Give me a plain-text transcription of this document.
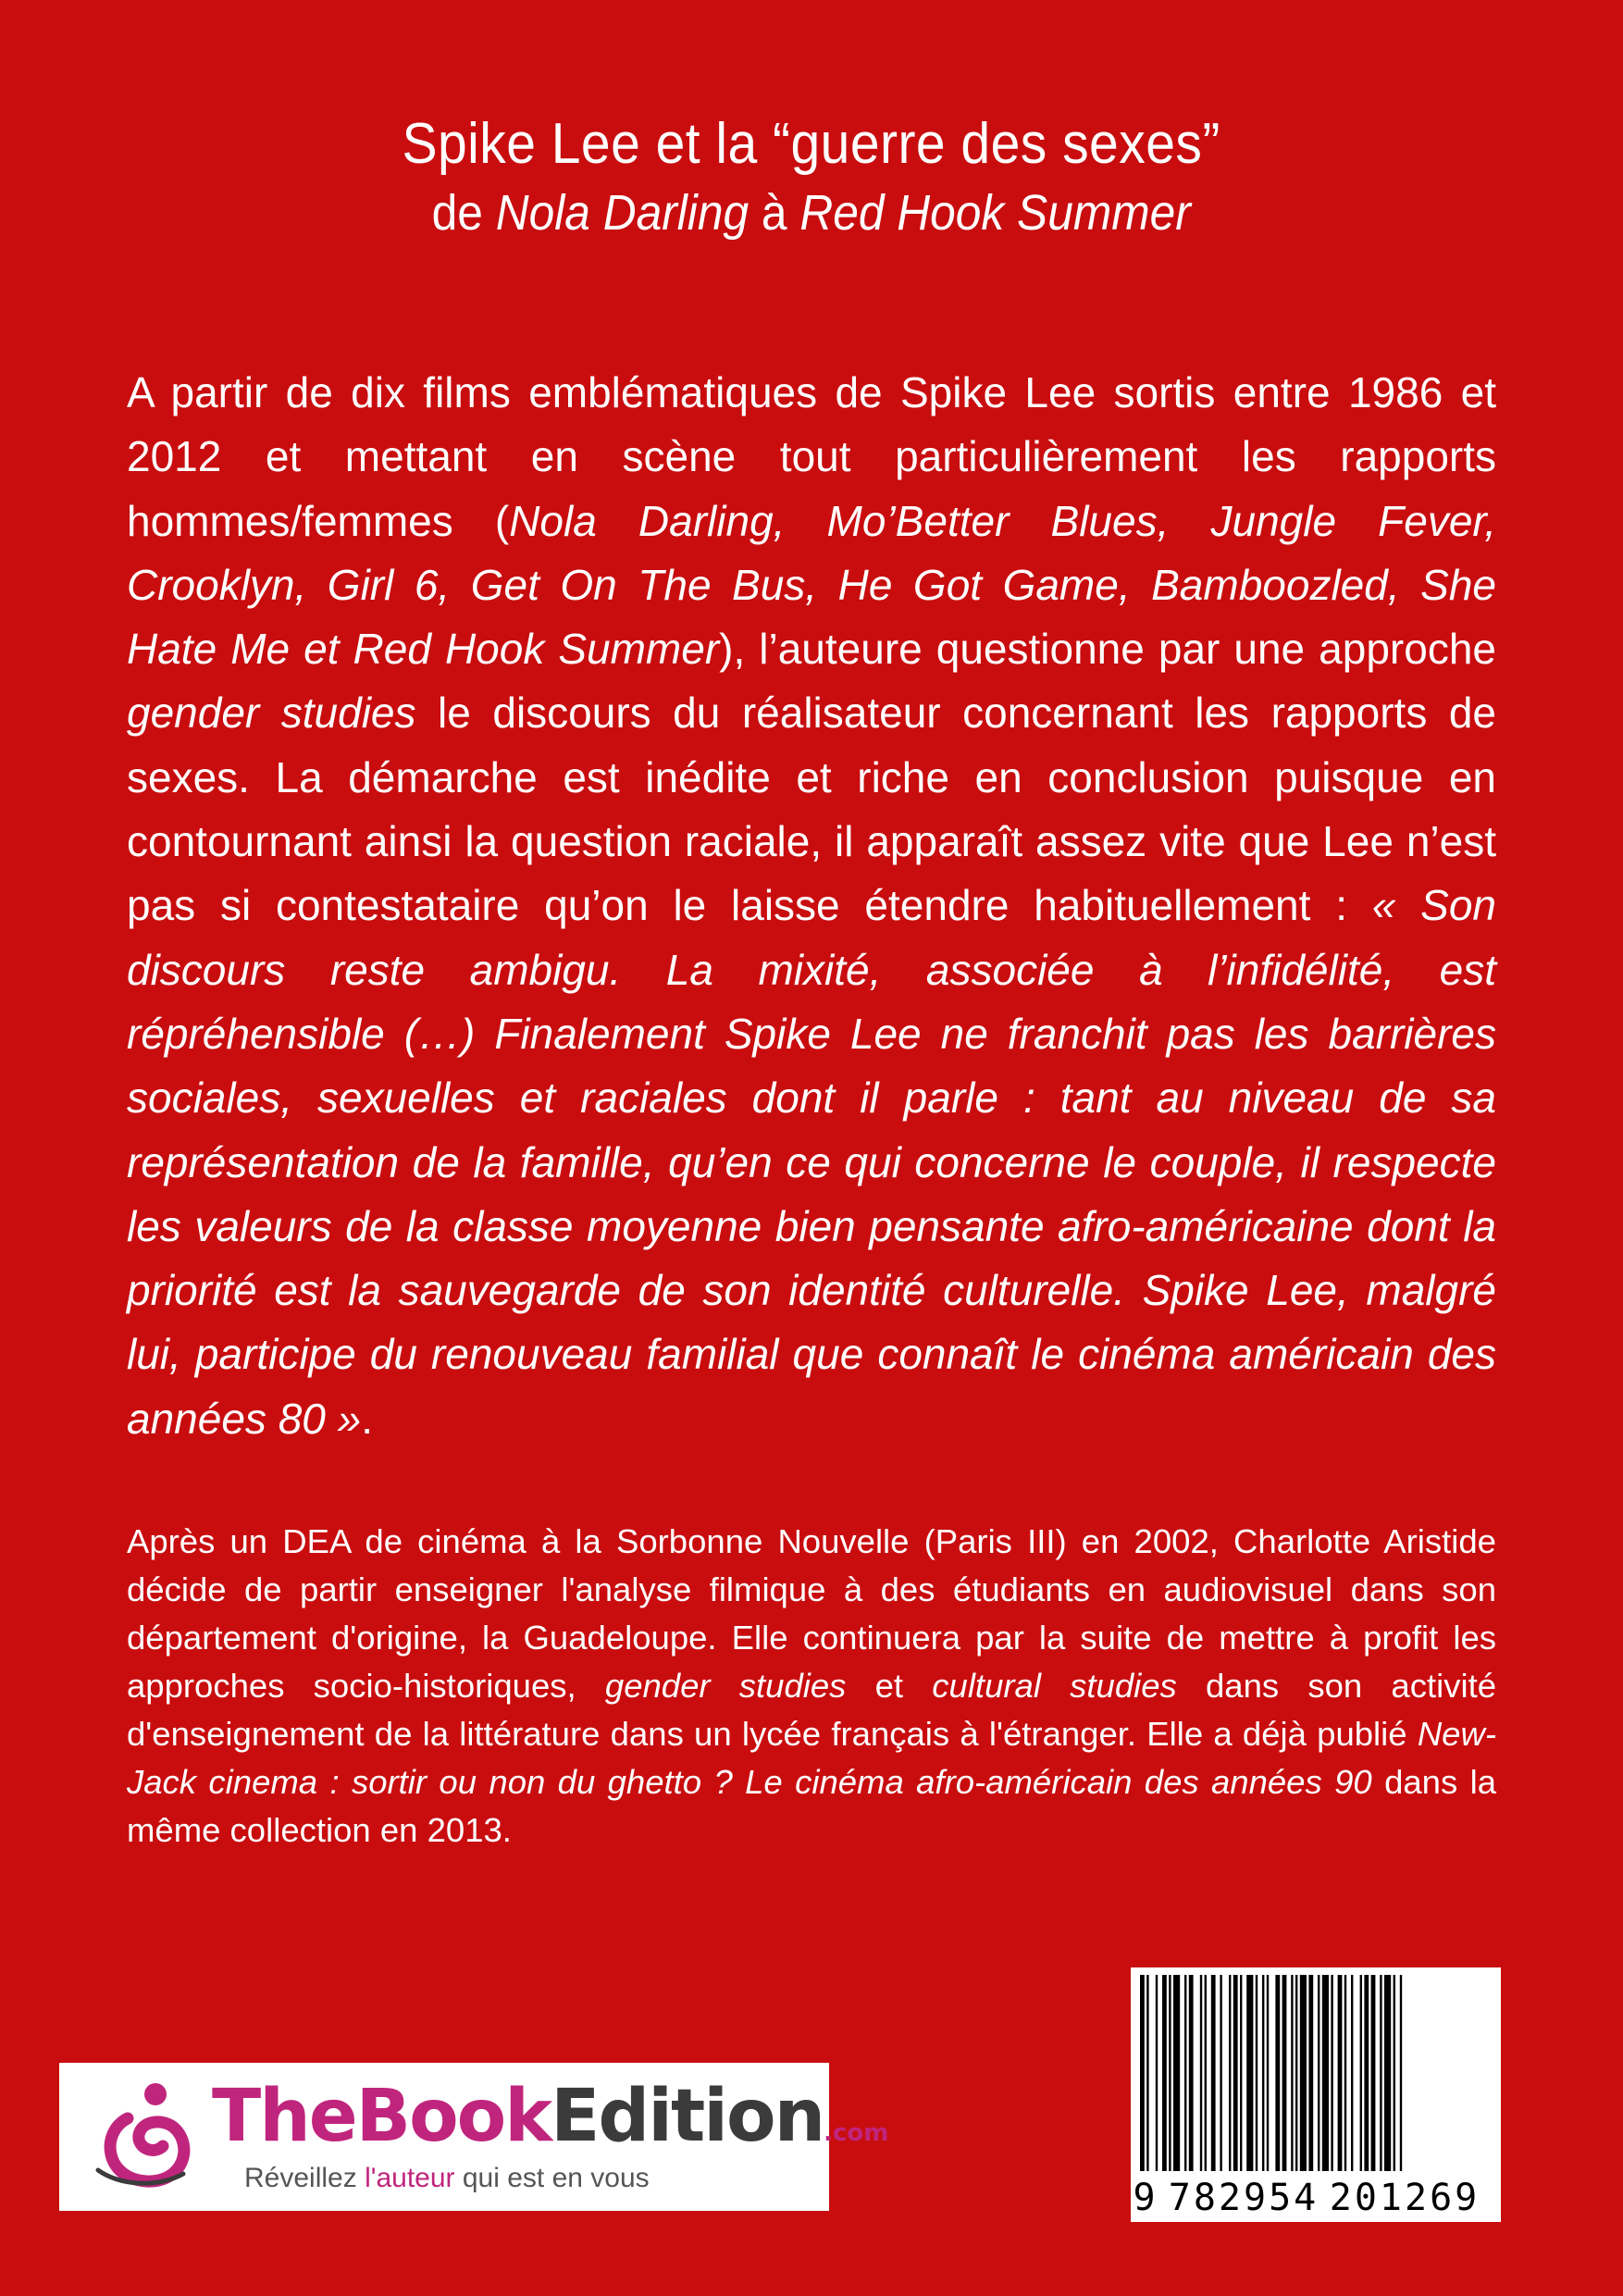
Spike Lee et la “guerre des sexes”
de Nola Darling à Red Hook Summer
A partir de dix films emblématiques de Spike Lee sortis entre 1986 et 2012 et mettant en scène tout particulièrement les rapports hommes/femmes (Nola Darling, Mo’Better Blues, Jungle Fever, Crooklyn, Girl 6, Get On The Bus, He Got Game, Bamboozled, She Hate Me et Red Hook Summer), l’auteure questionne par une approche gender studies le discours du réalisateur concernant les rapports de sexes. La démarche est inédite et riche en conclusion puisque en contournant ainsi la question raciale, il apparaît assez vite que Lee n’est pas si contestataire qu’on le laisse étendre habituellement : « Son discours reste ambigu. La mixité, associée à l’infidélité, est répréhensible (…) Finalement Spike Lee ne franchit pas les barrières sociales, sexuelles et raciales dont il parle : tant au niveau de sa représentation de la famille, qu’en ce qui concerne le couple, il respecte les valeurs de la classe moyenne bien pensante afro-américaine dont la priorité est la sauvegarde de son identité culturelle. Spike Lee, malgré lui, participe du renouveau familial que connaît le cinéma américain des années 80 ».
Après un DEA de cinéma à la Sorbonne Nouvelle (Paris III) en 2002, Charlotte Aristide décide de partir enseigner l'analyse filmique à des étudiants en audiovisuel dans son département d'origine, la Guadeloupe. Elle continuera par la suite de mettre à profit les approches socio-historiques, gender studies et cultural studies dans son activité d'enseignement de la littérature dans un lycée français à l'étranger. Elle a déjà publié New-Jack cinema : sortir ou non du ghetto ? Le cinéma afro-américain des années 90 dans la même collection en 2013.
TheBookEdition.com
Réveillez l'auteur qui est en vous	9 782954 201269
